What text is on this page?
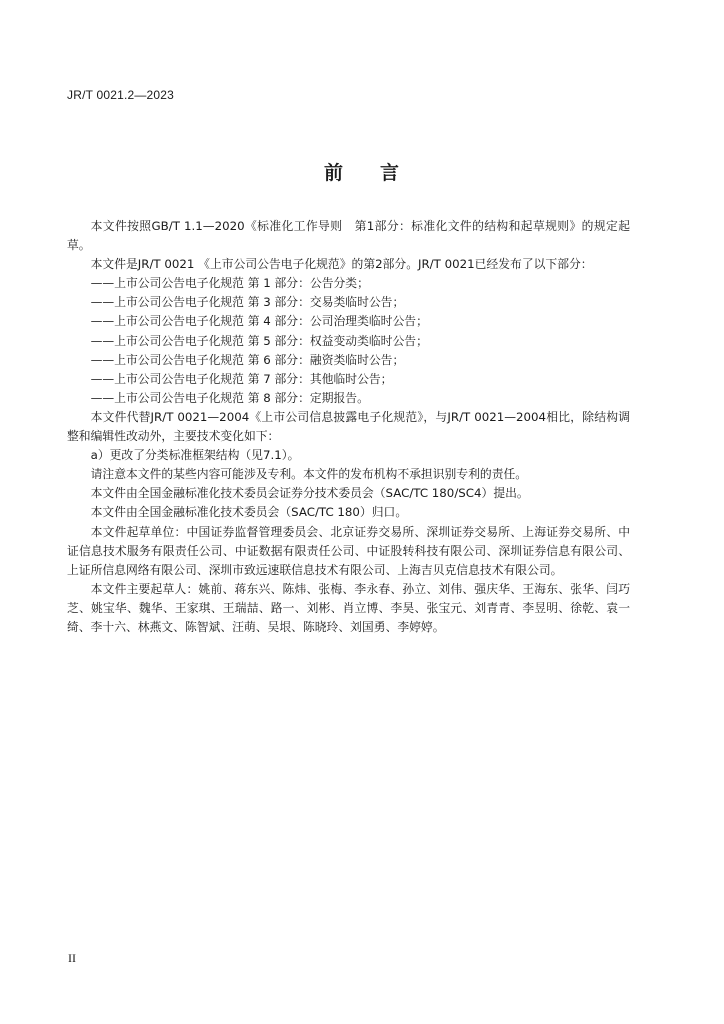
JR/T 0021.2—2023
前 言

本文件按照GB/T 1.1—2020《标准化工作导则　第1部分：标准化文件的结构和起草规则》的规定起草。

本文件是JR/T 0021 《上市公司公告电子化规范》的第2部分。JR/T 0021已经发布了以下部分：

——上市公司公告电子化规范 第 1 部分：公告分类；

——上市公司公告电子化规范 第 3 部分：交易类临时公告；

——上市公司公告电子化规范 第 4 部分：公司治理类临时公告；

——上市公司公告电子化规范 第 5 部分：权益变动类临时公告；

——上市公司公告电子化规范 第 6 部分：融资类临时公告；

——上市公司公告电子化规范 第 7 部分：其他临时公告；

——上市公司公告电子化规范 第 8 部分：定期报告。

本文件代替JR/T 0021—2004《上市公司信息披露电子化规范》，与JR/T 0021—2004相比，除结构调整和编辑性改动外，主要技术变化如下：

a）更改了分类标准框架结构（见7.1）。

请注意本文件的某些内容可能涉及专利。本文件的发布机构不承担识别专利的责任。

本文件由全国金融标准化技术委员会证券分技术委员会（SAC/TC 180/SC4）提出。

本文件由全国金融标准化技术委员会（SAC/TC 180）归口。

本文件起草单位：中国证券监督管理委员会、北京证券交易所、深圳证券交易所、上海证券交易所、中证信息技术服务有限责任公司、中证数据有限责任公司、中证股转科技有限公司、深圳证券信息有限公司、上证所信息网络有限公司、深圳市致远速联信息技术有限公司、上海吉贝克信息技术有限公司。

本文件主要起草人：姚前、蒋东兴、陈炜、张梅、李永春、孙立、刘伟、强庆华、王海东、张华、闫巧芝、姚宝华、魏华、王家琪、王瑞喆、路一、刘彬、肖立博、李昊、张宝元、刘青青、李昱明、徐乾、袁一绮、李十六、林燕文、陈智斌、汪萌、吴垠、陈晓玲、刘国勇、李婷婷。

II
